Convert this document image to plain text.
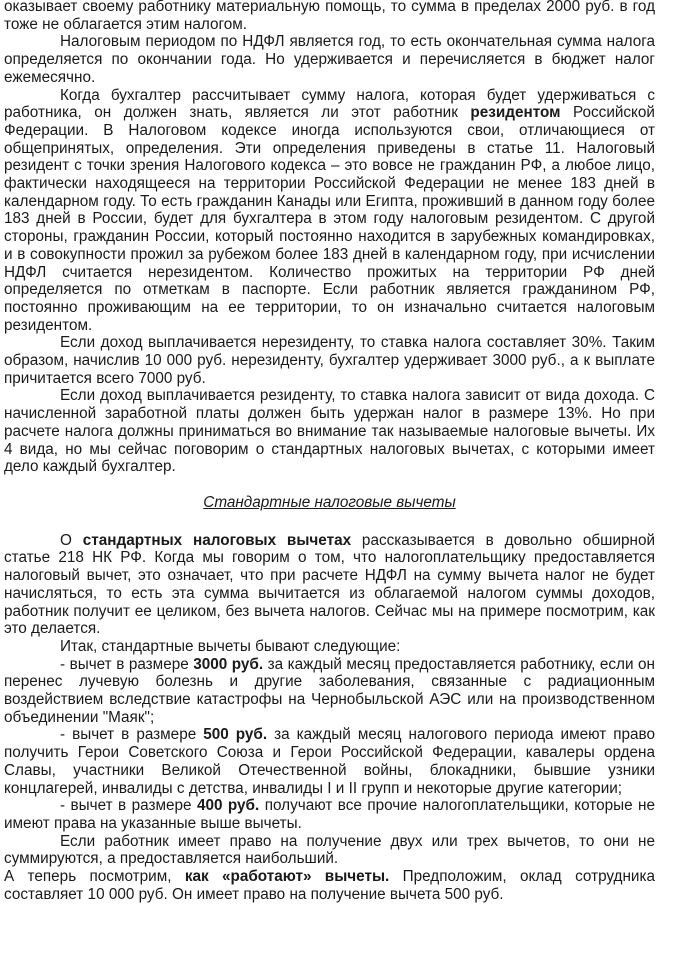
оказывает своему работнику материальную помощь, то сумма в пределах 2000 руб. в год тоже не облагается этим налогом.

Налоговым периодом по НДФЛ является год, то есть окончательная сумма налога определяется по окончании года. Но удерживается и перечисляется в бюджет налог ежемесячно.

Когда бухгалтер рассчитывает сумму налога, которая будет удерживаться с работника, он должен знать, является ли этот работник резидентом Российской Федерации. В Налоговом кодексе иногда используются свои, отличающиеся от общепринятых, определения. Эти определения приведены в статье 11. Налоговый резидент с точки зрения Налогового кодекса – это вовсе не гражданин РФ, а любое лицо, фактически находящееся на территории Российской Федерации не менее 183 дней в календарном году. То есть гражданин Канады или Египта, проживший в данном году более 183 дней в России, будет для бухгалтера в этом году налоговым резидентом. С другой стороны, гражданин России, который постоянно находится в зарубежных командировках, и в совокупности прожил за рубежом более 183 дней в календарном году, при исчислении НДФЛ считается нерезидентом. Количество прожитых на территории РФ дней определяется по отметкам в паспорте. Если работник является гражданином РФ, постоянно проживающим на ее территории, то он изначально считается налоговым резидентом.

Если доход выплачивается нерезиденту, то ставка налога составляет 30%. Таким образом, начислив 10 000 руб. нерезиденту, бухгалтер удерживает 3000 руб., а к выплате причитается всего 7000 руб.

Если доход выплачивается резиденту, то ставка налога зависит от вида дохода. С начисленной заработной платы должен быть удержан налог в размере 13%. Но при расчете налога должны приниматься во внимание так называемые налоговые вычеты. Их 4 вида, но мы сейчас поговорим о стандартных налоговых вычетах, с которыми имеет дело каждый бухгалтер.

Стандартные налоговые вычеты

О стандартных налоговых вычетах рассказывается в довольно обширной статье 218 НК РФ. Когда мы говорим о том, что налогоплательщику предоставляется налоговый вычет, это означает, что при расчете НДФЛ на сумму вычета налог не будет начисляться, то есть эта сумма вычитается из облагаемой налогом суммы доходов, работник получит ее целиком, без вычета налогов. Сейчас мы на примере посмотрим, как это делается.

Итак, стандартные вычеты бывают следующие:

- вычет в размере 3000 руб. за каждый месяц предоставляется работнику, если он перенес лучевую болезнь и другие заболевания, связанные с радиационным воздействием вследствие катастрофы на Чернобыльской АЭС или на производственном объединении "Маяк";

- вычет в размере 500 руб. за каждый месяц налогового периода имеют право получить Герои Советского Союза и Герои Российской Федерации, кавалеры ордена Славы, участники Великой Отечественной войны, блокадники, бывшие узники концлагерей, инвалиды с детства, инвалиды I и II групп и некоторые другие категории;

- вычет в размере 400 руб. получают все прочие налогоплательщики, которые не имеют права на указанные выше вычеты.

Если работник имеет право на получение двух или трех вычетов, то они не суммируются, а предоставляется наибольший.

А теперь посмотрим, как «работают» вычеты. Предположим, оклад сотрудника составляет 10 000 руб. Он имеет право на получение вычета 500 руб.
